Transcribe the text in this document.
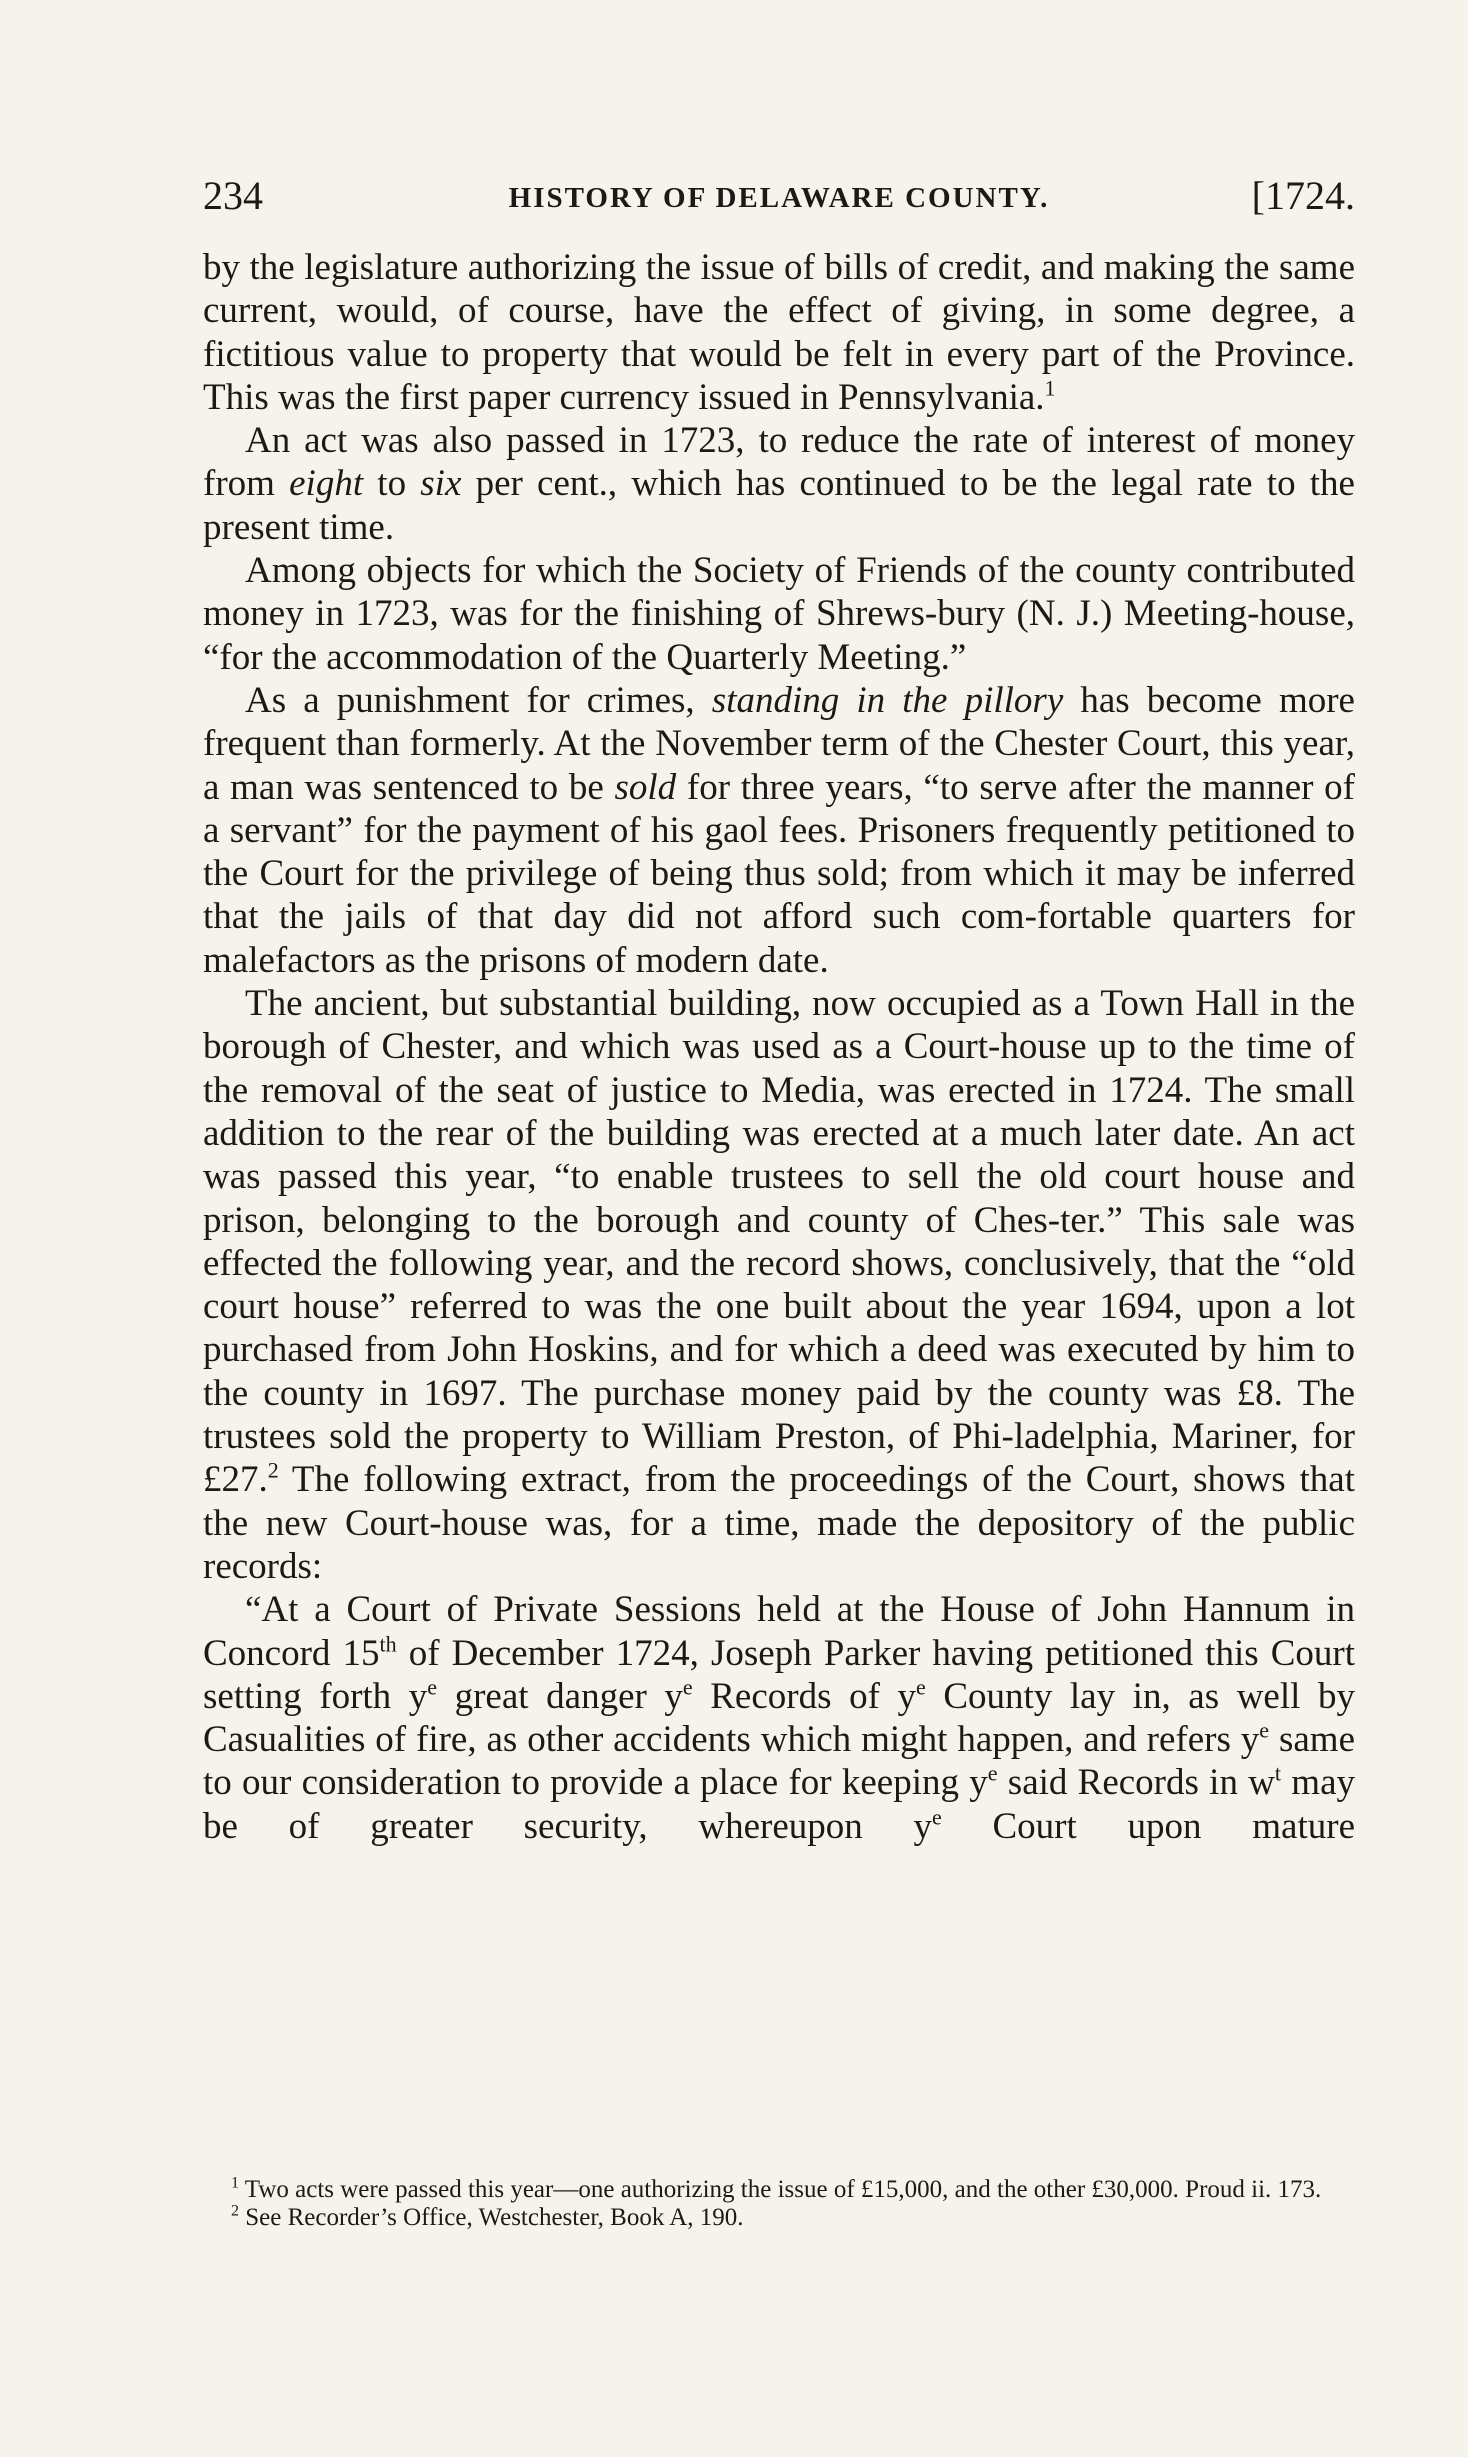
234	HISTORY OF DELAWARE COUNTY.	[1724.

by the legislature authorizing the issue of bills of credit, and making the same current, would, of course, have the effect of giving, in some degree, a fictitious value to property that would be felt in every part of the Province. This was the first paper currency issued in Pennsylvania.$^1$

An act was also passed in 1723, to reduce the rate of interest of money from eight to six per cent., which has continued to be the legal rate to the present time.

Among objects for which the Society of Friends of the county contributed money in 1723, was for the finishing of Shrews-bury (N. J.) Meeting-house, “for the accommodation of the Quarterly Meeting.”

As a punishment for crimes, standing in the pillory has become more frequent than formerly. At the November term of the Chester Court, this year, a man was sentenced to be sold for three years, “to serve after the manner of a servant” for the payment of his gaol fees. Prisoners frequently petitioned to the Court for the privilege of being thus sold; from which it may be inferred that the jails of that day did not afford such com-fortable quarters for malefactors as the prisons of modern date.

The ancient, but substantial building, now occupied as a Town Hall in the borough of Chester, and which was used as a Court-house up to the time of the removal of the seat of justice to Media, was erected in 1724. The small addition to the rear of the building was erected at a much later date. An act was passed this year, “to enable trustees to sell the old court house and prison, belonging to the borough and county of Ches-ter.” This sale was effected the following year, and the record shows, conclusively, that the “old court house” referred to was the one built about the year 1694, upon a lot purchased from John Hoskins, and for which a deed was executed by him to the county in 1697. The purchase money paid by the county was £8. The trustees sold the property to William Preston, of Phi-ladelphia, Mariner, for £27.$^2$ The following extract, from the proceedings of the Court, shows that the new Court-house was, for a time, made the depository of the public records:

“At a Court of Private Sessions held at the House of John Hannum in Concord 15th of December 1724, Joseph Parker having petitioned this Court setting forth $y^e$ great danger $y^e$ Records of $y^e$ County lay in, as well by Casualities of fire, as other accidents which might happen, and refers $y^e$ same to our consideration to provide a place for keeping $y^e$ said Records in $w^t$ may be of greater security, whereupon $y^e$ Court upon mature

$^1$ Two acts were passed this year—one authorizing the issue of £15,000, and the other £30,000. Proud ii. 173.

$^2$ See Recorder’s Office, Westchester, Book A, 190.
